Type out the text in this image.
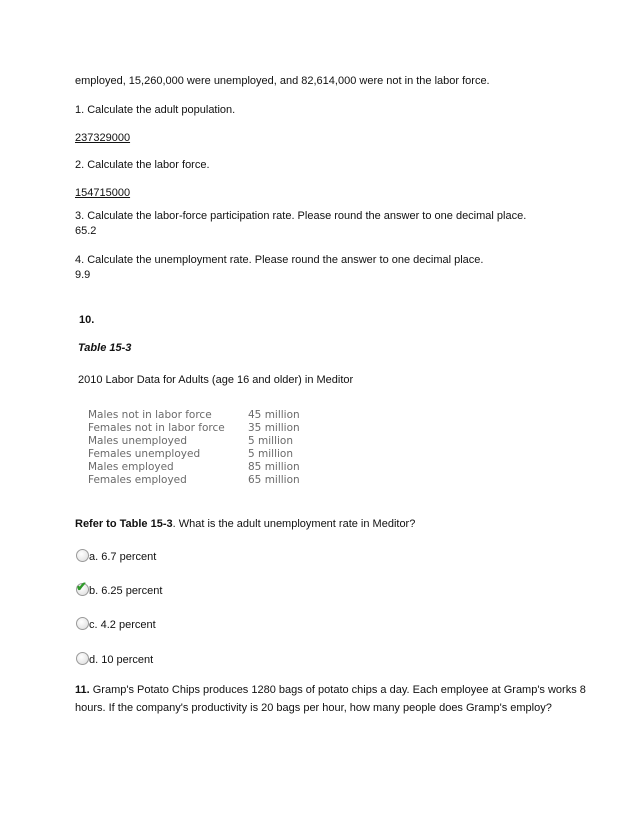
employed, 15,260,000 were unemployed, and 82,614,000 were not in the labor force.
1. Calculate the adult population.
237329000
2. Calculate the labor force.
154715000
3. Calculate the labor-force participation rate. Please round the answer to one decimal place.
65.2
4. Calculate the unemployment rate. Please round the answer to one decimal place.
9.9
10.
Table 15-3
2010 Labor Data for Adults (age 16 and older) in Meditor
Males not in labor force	45 million
Females not in labor force 35 million
Males unemployed	5 million
Females unemployed	5 million
Males employed	85 million
Females employed	65 million
Refer to Table 15-3. What is the adult unemployment rate in Meditor?
a. 6.7 percent
✔ b. 6.25 percent
c. 4.2 percent
d. 10 percent
11. Gramp's Potato Chips produces 1280 bags of potato chips a day. Each employee at Gramp's works 8
hours. If the company's productivity is 20 bags per hour, how many people does Gramp's employ?
